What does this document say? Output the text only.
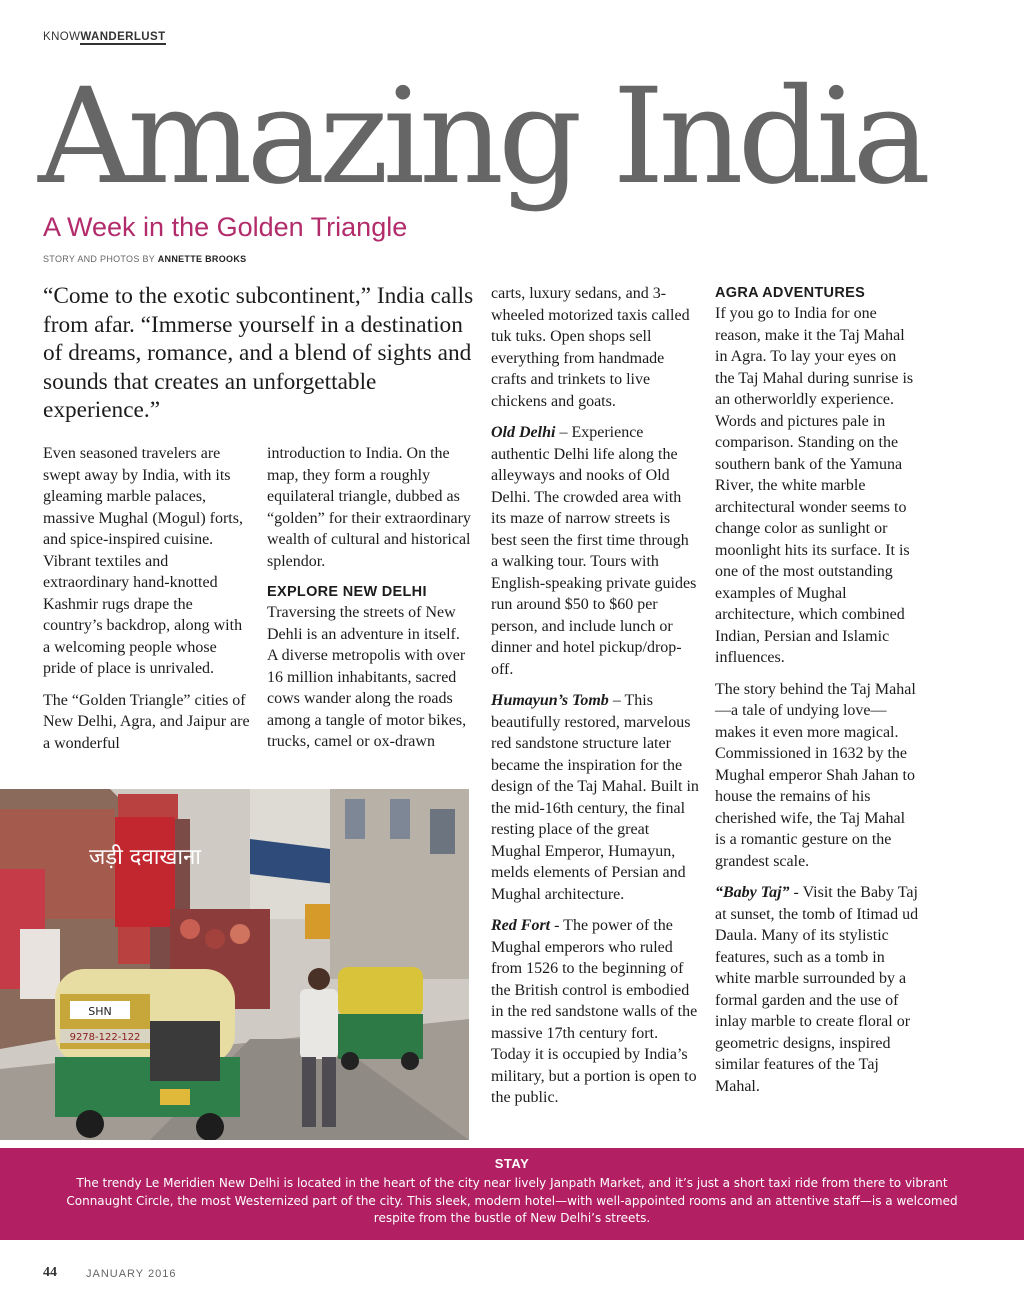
KNOWWANDERLUST
Amazing India
A Week in the Golden Triangle
STORY AND PHOTOS BY ANNETTE BROOKS
“Come to the exotic subcontinent,” India calls from afar. “Immerse yourself in a destination of dreams, romance, and a blend of sights and sounds that creates an unforgettable experience.”

Even seasoned travelers are swept away by India, with its gleaming marble palaces, massive Mughal (Mogul) forts, and spice-inspired cuisine. Vibrant textiles and extraordinary hand-knotted Kashmir rugs drape the country’s backdrop, along with a welcoming people whose pride of place is unrivaled.

The “Golden Triangle” cities of New Delhi, Agra, and Jaipur are a wonderful

introduction to India. On the map, they form a roughly equilateral triangle, dubbed as “golden” for their extraordinary wealth of cultural and historical splendor.

EXPLORE NEW DELHI

Traversing the streets of New Dehli is an adventure in itself. A diverse metropolis with over 16 million inhabitants, sacred cows wander along the roads among a tangle of motor bikes, trucks, camel or ox-drawn

carts, luxury sedans, and 3-wheeled motorized taxis called tuk tuks. Open shops sell everything from handmade crafts and trinkets to live chickens and goats.

Old Delhi – Experience authentic Delhi life along the alleyways and nooks of Old Delhi. The crowded area with its maze of narrow streets is best seen the first time through a walking tour. Tours with English-speaking private guides run around $50 to $60 per person, and include lunch or dinner and hotel pickup/drop-off.

Humayun’s Tomb – This beautifully restored, marvelous red sandstone structure later became the inspiration for the design of the Taj Mahal. Built in the mid-16th century, the final resting place of the great Mughal Emperor, Humayun, melds elements of Persian and Mughal architecture.

Red Fort - The power of the Mughal emperors who ruled from 1526 to the beginning of the British control is embodied in the red sandstone walls of the massive 17th century fort. Today it is occupied by India’s military, but a portion is open to the public.

AGRA ADVENTURES

If you go to India for one reason, make it the Taj Mahal in Agra. To lay your eyes on the Taj Mahal during sunrise is an otherworldly experience. Words and pictures pale in comparison. Standing on the southern bank of the Yamuna River, the white marble architectural wonder seems to change color as sunlight or moonlight hits its surface. It is one of the most outstanding examples of Mughal architecture, which combined Indian, Persian and Islamic influences.

The story behind the Taj Mahal—a tale of undying love—makes it even more magical. Commissioned in 1632 by the Mughal emperor Shah Jahan to house the remains of his cherished wife, the Taj Mahal is a romantic gesture on the grandest scale.

“Baby Taj” - Visit the Baby Taj at sunset, the tomb of Itimad ud Daula. Many of its stylistic features, such as a tomb in white marble surrounded by a formal garden and the use of inlay marble to create floral or geometric designs, inspired similar features of the Taj Mahal.

जड़ी दवाखाना
SHN
9278-122-122
STAY
The trendy Le Meridien New Delhi is located in the heart of the city near lively Janpath Market, and it’s just a short taxi ride from there to vibrant Connaught Circle, the most Westernized part of the city. This sleek, modern hotel—with well-appointed rooms and an attentive staff—is a welcomed respite from the bustle of New Delhi’s streets.
44	JANUARY 2016
